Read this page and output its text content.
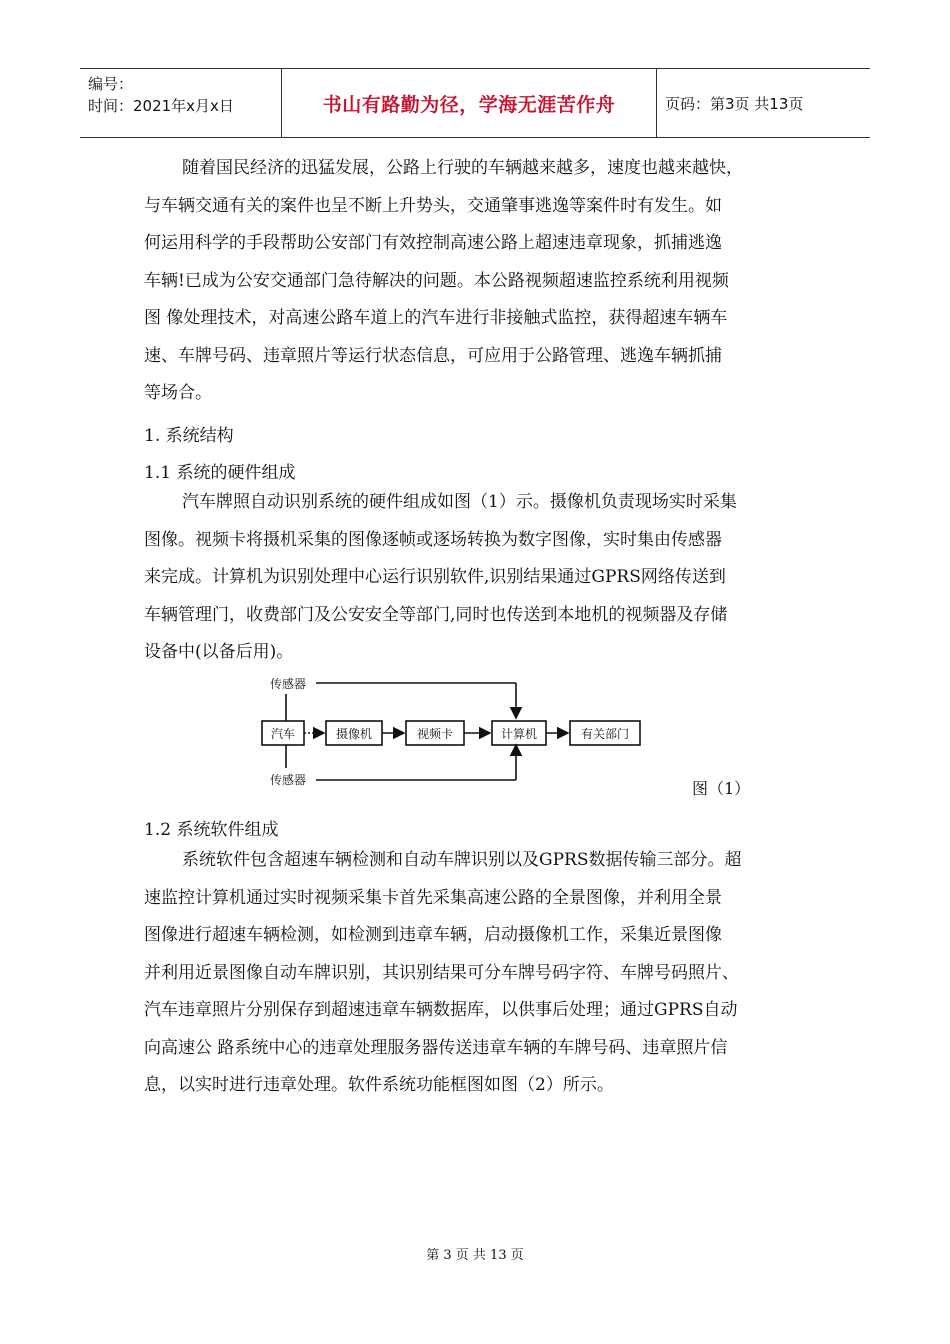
编号：
时间：2021年x月x日	书山有路勤为径，学海无涯苦作舟	页码：第3页 共13页
随着国民经济的迅猛发展，公路上行驶的车辆越来越多，速度也越来越快，
与车辆交通有关的案件也呈不断上升势头，交通肇事逃逸等案件时有发生。如
何运用科学的手段帮助公安部门有效控制高速公路上超速违章现象，抓捕逃逸
车辆!已成为公安交通部门急待解决的问题。本公路视频超速监控系统利用视频
图 像处理技术，对高速公路车道上的汽车进行非接触式监控，获得超速车辆车
速、车牌号码、违章照片等运行状态信息，可应用于公路管理、逃逸车辆抓捕
等场合。
1. 系统结构
1.1 系统的硬件组成
汽车牌照自动识别系统的硬件组成如图（1）示。摄像机负责现场实时采集
图像。视频卡将摄机采集的图像逐帧或逐场转换为数字图像，实时集由传感器
来完成。计算机为识别处理中心运行识别软件,识别结果通过GPRS网络传送到
车辆管理门，收费部门及公安安全等部门,同时也传送到本地机的视频器及存储
设备中(以备后用)。
传感器
传感器
汽车	摄像机	视频卡	计算机	有关部门
图（1）
1.2 系统软件组成
系统软件包含超速车辆检测和自动车牌识别以及GPRS数据传输三部分。超
速监控计算机通过实时视频采集卡首先采集高速公路的全景图像，并利用全景
图像进行超速车辆检测，如检测到违章车辆，启动摄像机工作，采集近景图像
并利用近景图像自动车牌识别，其识别结果可分车牌号码字符、车牌号码照片、
汽车违章照片分别保存到超速违章车辆数据库，以供事后处理；通过GPRS自动
向高速公 路系统中心的违章处理服务器传送违章车辆的车牌号码、违章照片信
息，以实时进行违章处理。软件系统功能框图如图（2）所示。
第 3 页 共 13 页
